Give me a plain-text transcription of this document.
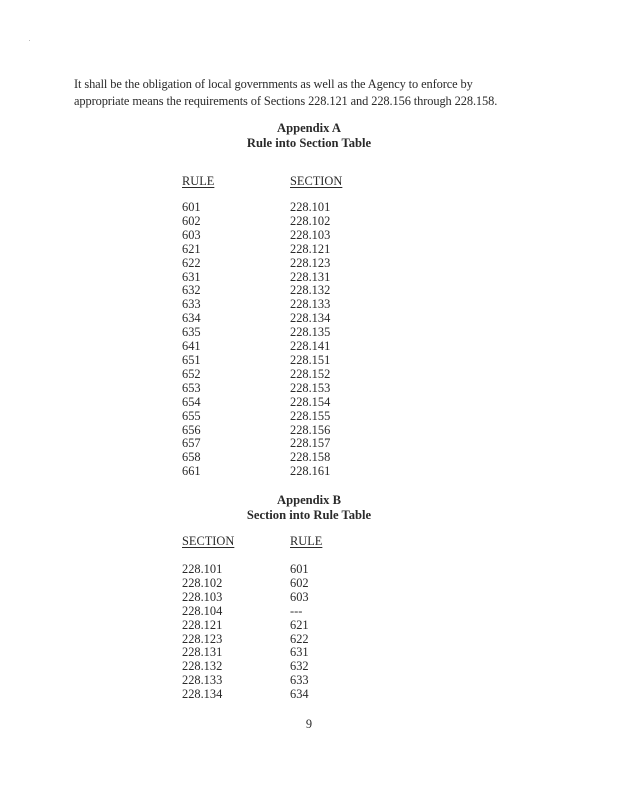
It shall be the obligation of local governments as well as the Agency to enforce by

appropriate means the requirements of Sections 228.121 and 228.156 through 228.158.

Appendix A
Rule into Section Table
RULE	SECTION
601
602
603
621
622
631
632
633
634
635
641
651
652
653
654
655
656
657
658
661
228.101
228.102
228.103
228.121
228.123
228.131
228.132
228.133
228.134
228.135
228.141
228.151
228.152
228.153
228.154
228.155
228.156
228.157
228.158
228.161
Appendix B
Section into Rule Table
SECTION	RULE
228.101
228.102
228.103
228.104
228.121
228.123
228.131
228.132
228.133
228.134
601
602
603
---
621
622
631
632
633
634
9
